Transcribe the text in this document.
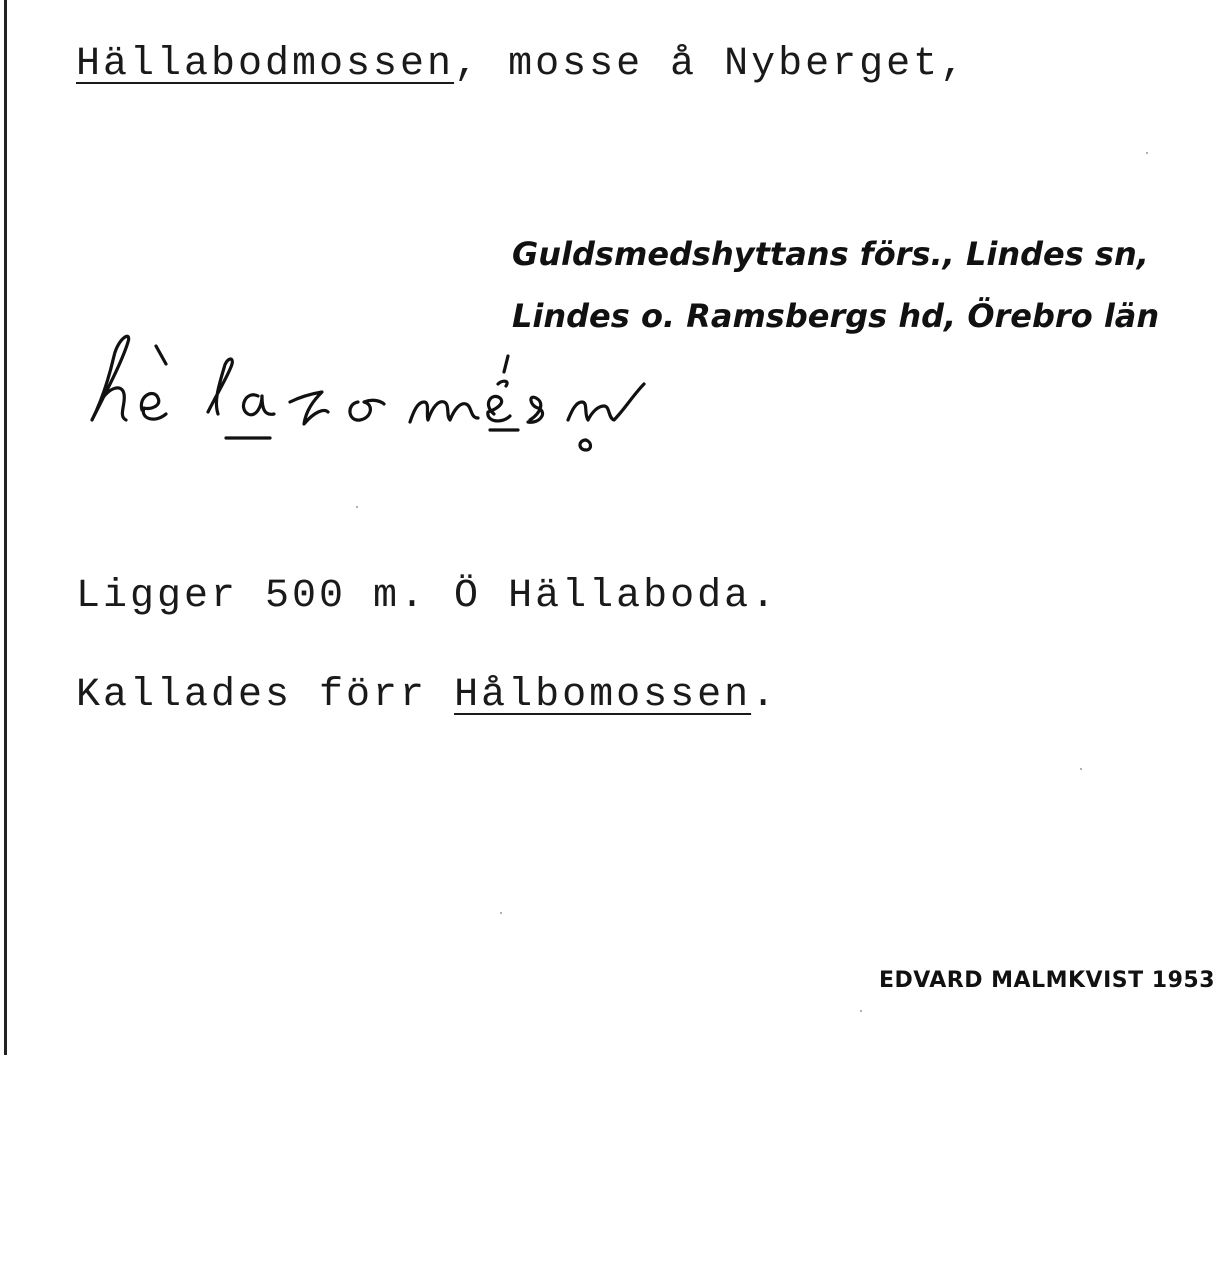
Hällabodmossen, mosse å Nyberget,
Guldsmedshyttans förs., Lindes sn,
Lindes o. Ramsbergs hd, Örebro län
hèlabomésn
Ligger 500 m. Ö Hällaboda.
Kallades förr Hålbomossen.
EDVARD MALMKVIST 1953
